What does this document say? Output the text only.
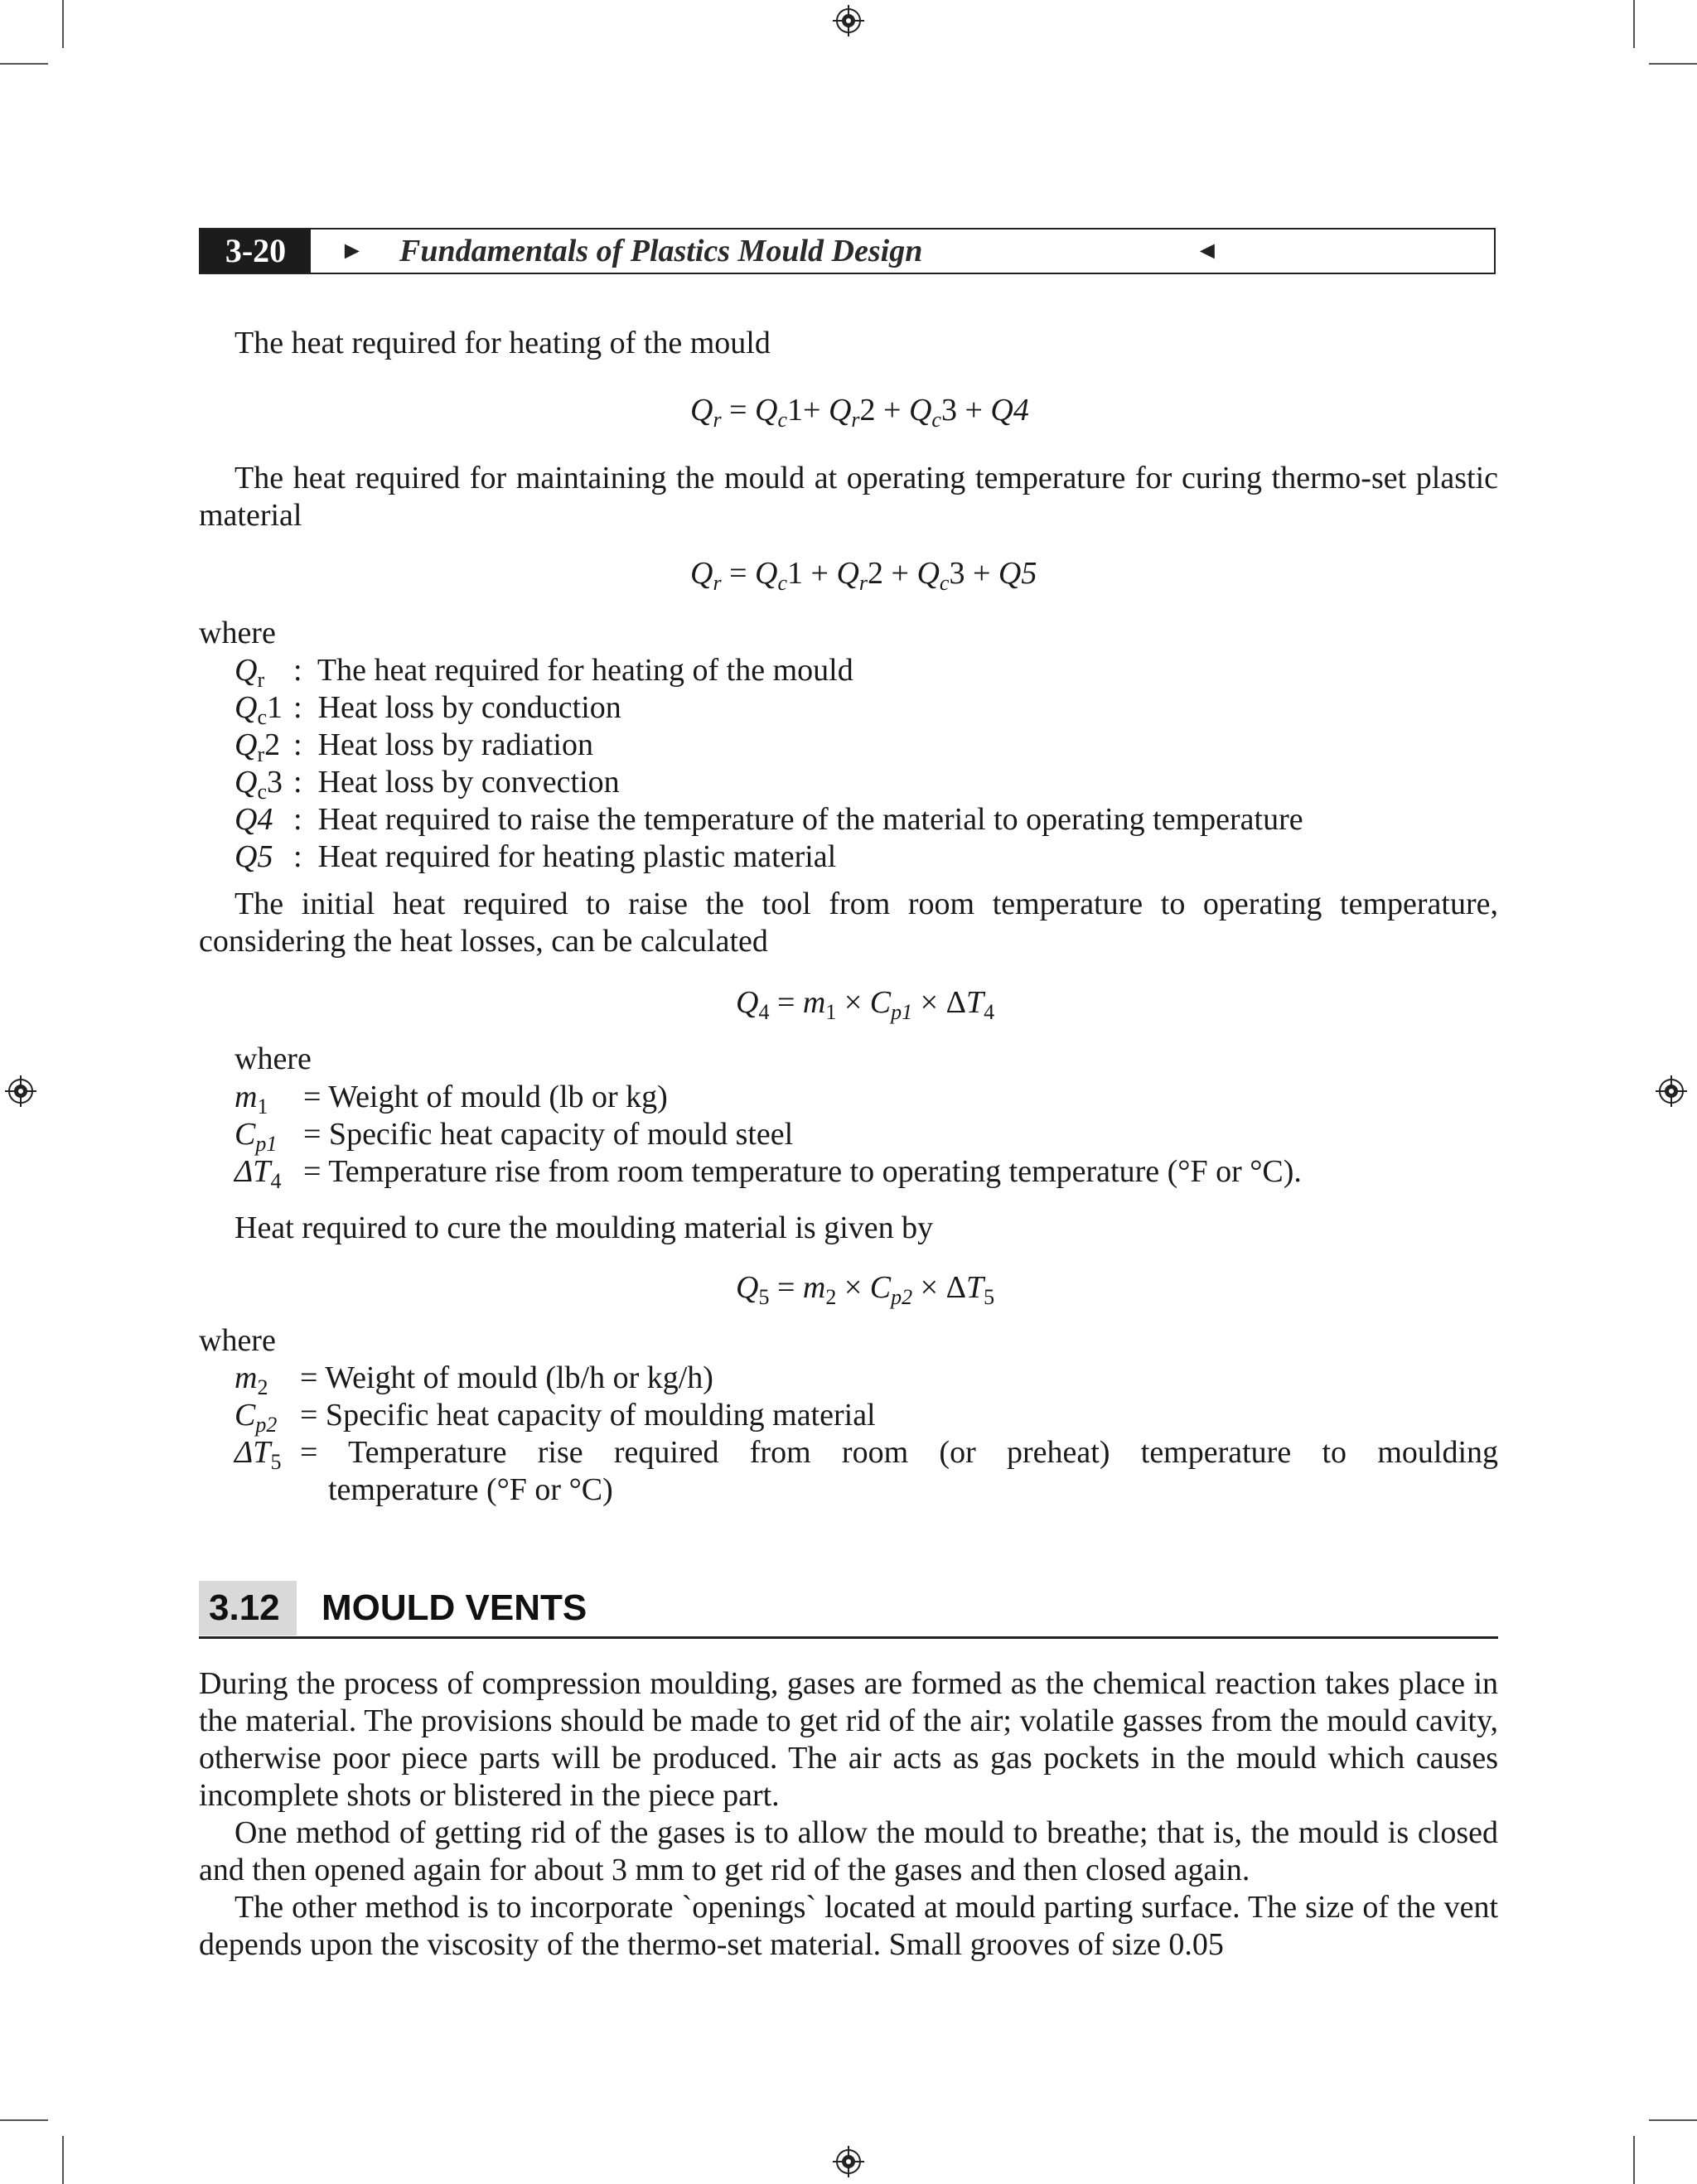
3-20	► Fundamentals of Plastics Mould Design	◄
The heat required for heating of the mould
$Q_r = Q_c1+ Q_r2 + Q_c3 + Q4$
The heat required for maintaining the mould at operating temperature for curing thermo-set plastic material
$Q_r = Q_c1 + Q_r2 + Q_c3 + Q5$
where
$Q_r$ :  The heat required for heating of the mould
$Q_c1$ :  Heat loss by conduction
$Q_r2$ :  Heat loss by radiation
$Q_c3$ :  Heat loss by convection
Q4 :  Heat required to raise the temperature of the material to operating temperature
Q5 :  Heat required for heating plastic material
The initial heat required to raise the tool from room temperature to operating temperature, considering the heat losses, can be calculated
$Q_4 = m_1 \times C_{p1} \times \Delta T_4$
where
$m_1$ = Weight of mould (lb or kg)
$C_{p1}$ = Specific heat capacity of mould steel
$\Delta T_4$ = Temperature rise from room temperature to operating temperature (°F or °C).
Heat required to cure the moulding material is given by
$Q_5 = m_2 \times C_{p2} \times \Delta T_5$
where
$m_2$ = Weight of mould (lb/h or kg/h)
$C_{p2}$ = Specific heat capacity of moulding material
$\Delta T_5$ = Temperature rise required from room (or preheat) temperature to moulding
temperature (°F or °C)
3.12 MOULD VENTS
During the process of compression moulding, gases are formed as the chemical reaction takes place in the material. The provisions should be made to get rid of the air; volatile gasses from the mould cavity, otherwise poor piece parts will be produced. The air acts as gas pockets in the mould which causes incomplete shots or blistered in the piece part.
One method of getting rid of the gases is to allow the mould to breathe; that is, the mould is closed and then opened again for about 3 mm to get rid of the gases and then closed again.
The other method is to incorporate `openings` located at mould parting surface. The size of the vent depends upon the viscosity of the thermo-set material. Small grooves of size 0.05
